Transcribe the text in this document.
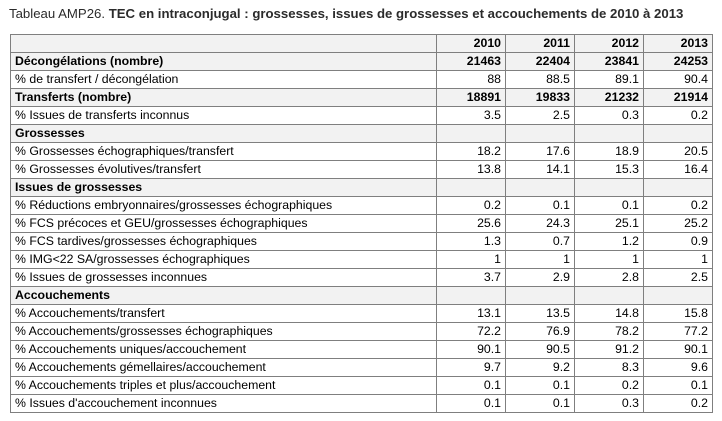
Tableau AMP26. TEC en intraconjugal : grossesses, issues de grossesses et accouchements de 2010 à 2013
	2010	2011	2012	2013
Décongélations (nombre)	21463	22404	23841	24253
% de transfert / décongélation	88	88.5	89.1	90.4
Transferts (nombre)	18891	19833	21232	21914
% Issues de transferts inconnus	3.5	2.5	0.3	0.2
Grossesses				
% Grossesses échographiques/transfert	18.2	17.6	18.9	20.5
% Grossesses évolutives/transfert	13.8	14.1	15.3	16.4
Issues de grossesses				
% Réductions embryonnaires/grossesses échographiques	0.2	0.1	0.1	0.2
% FCS précoces et GEU/grossesses échographiques	25.6	24.3	25.1	25.2
% FCS tardives/grossesses échographiques	1.3	0.7	1.2	0.9
% IMG<22 SA/grossesses échographiques	1	1	1	1
% Issues de grossesses inconnues	3.7	2.9	2.8	2.5
Accouchements				
% Accouchements/transfert	13.1	13.5	14.8	15.8
% Accouchements/grossesses échographiques	72.2	76.9	78.2	77.2
% Accouchements uniques/accouchement	90.1	90.5	91.2	90.1
% Accouchements gémellaires/accouchement	9.7	9.2	8.3	9.6
% Accouchements triples et plus/accouchement	0.1	0.1	0.2	0.1
% Issues d'accouchement inconnues	0.1	0.1	0.3	0.2
